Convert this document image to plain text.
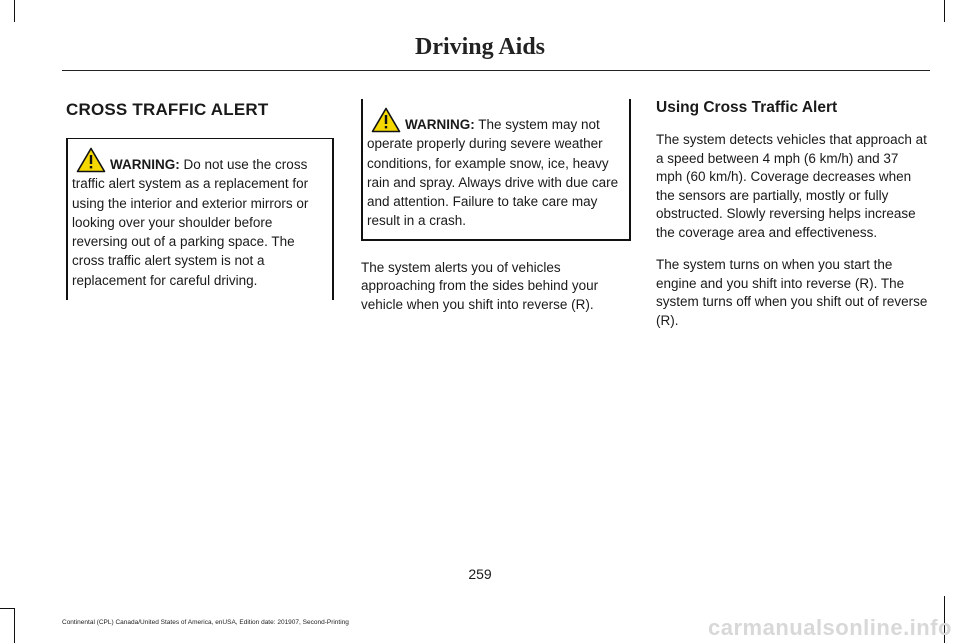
Driving Aids
CROSS TRAFFIC ALERT
WARNING: Do not use the cross traffic alert system as a replacement for using the interior and exterior mirrors or looking over your shoulder before reversing out of a parking space. The cross traffic alert system is not a replacement for careful driving.
WARNING: The system may not operate properly during severe weather conditions, for example snow, ice, heavy rain and spray. Always drive with due care and attention. Failure to take care may result in a crash.

The system alerts you of vehicles approaching from the sides behind your vehicle when you shift into reverse (R).

Using Cross Traffic Alert

The system detects vehicles that approach at a speed between 4 mph (6 km/h) and 37 mph (60 km/h). Coverage decreases when the sensors are partially, mostly or fully obstructed. Slowly reversing helps increase the coverage area and effectiveness.

The system turns on when you start the engine and you shift into reverse (R). The system turns off when you shift out of reverse (R).

259
Continental (CPL) Canada/United States of America, enUSA, Edition date: 201907, Second-Printing	carmanualsonline.info
